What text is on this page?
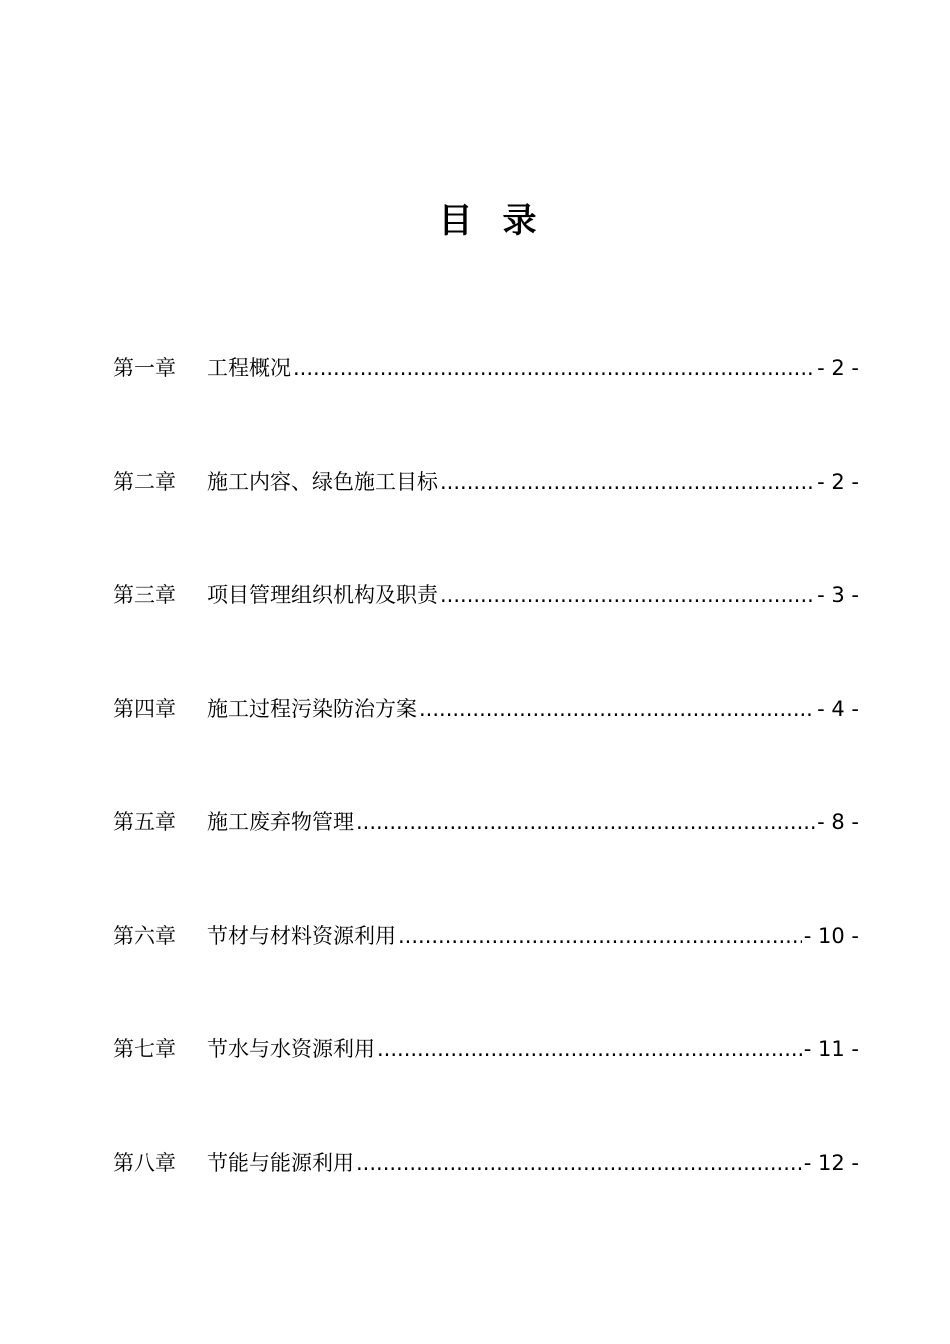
目 录
第一章	工程概况 .....	- 2 -
第二章	施工内容、绿色施工目标 .....	- 2 -
第三章	项目管理组织机构及职责 .....	- 3 -
第四章	施工过程污染防治方案 .....	- 4 -
第五章	施工废弃物管理 .....	- 8 -
第六章	节材与材料资源利用 .....	- 10 -
第七章	节水与水资源利用 .....	- 11 -
第八章	节能与能源利用 .....	- 12 -
